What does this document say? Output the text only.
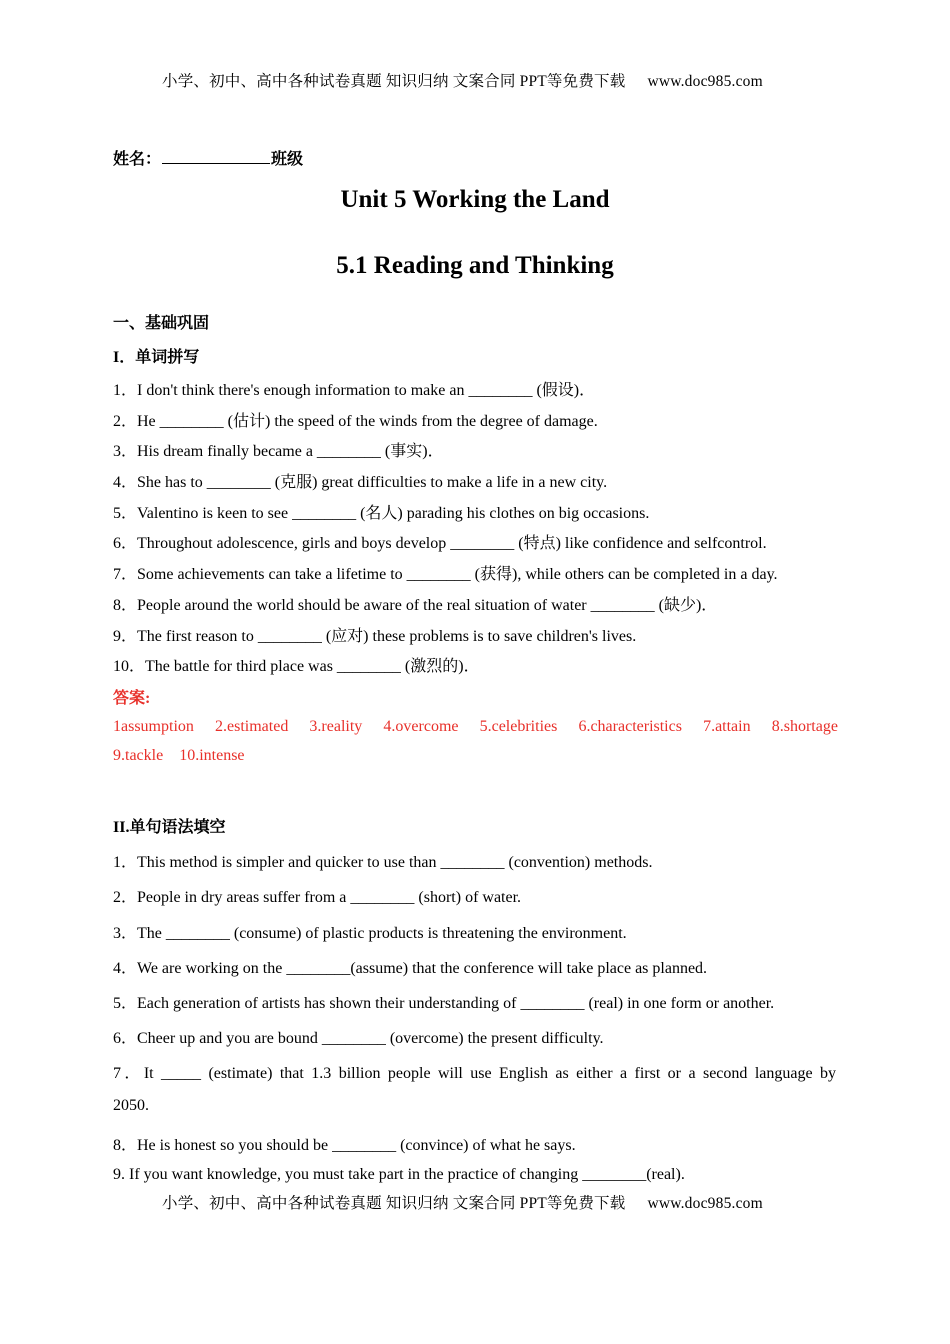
小学、初中、高中各种试卷真题 知识归纳 文案合同 PPT等免费下载 www.doc985.com
姓名：	班级
Unit 5 Working the Land
5.1 Reading and Thinking
一、基础巩固
I．单词拼写
1．I don't think there's enough information to make an ________ (假设)．
2．He ________ (估计) the speed of the winds from the degree of damage.
3．His dream finally became a ________ (事实)．
4．She has to ________ (克服) great difficulties to make a life in a new city.
5．Valentino is keen to see ________ (名人) parading his clothes on big occasions.
6．Throughout adolescence, girls and boys develop ________ (特点) like confidence and selfcontrol.
7．Some achievements can take a lifetime to ________ (获得), while others can be completed in a day.
8．People around the world should be aware of the real situation of water ________ (缺少)．
9．The first reason to ________ (应对) these problems is to save children's lives.
10．The battle for third place was ________ (激烈的)．
答案:
1assumption 2.estimated 3.reality 4.overcome 5.celebrities 6.characteristics 7.attain 8.shortage
9.tackle 10.intense
II.单句语法填空
1．This method is simpler and quicker to use than ________ (convention) methods.
2．People in dry areas suffer from a ________ (short) of water.
3．The ________ (consume) of plastic products is threatening the environment.
4．We are working on the ________(assume) that the conference will take place as planned.
5．Each generation of artists has shown their understanding of ________ (real) in one form or another.
6．Cheer up and you are bound ________ (overcome) the present difficulty.
7．It _____ (estimate) that 1.3 billion people will use English as either a first or a second language by
2050.
8．He is honest so you should be ________ (convince) of what he says.
9. If you want knowledge, you must take part in the practice of changing ________(real).
小学、初中、高中各种试卷真题 知识归纳 文案合同 PPT等免费下载 www.doc985.com
